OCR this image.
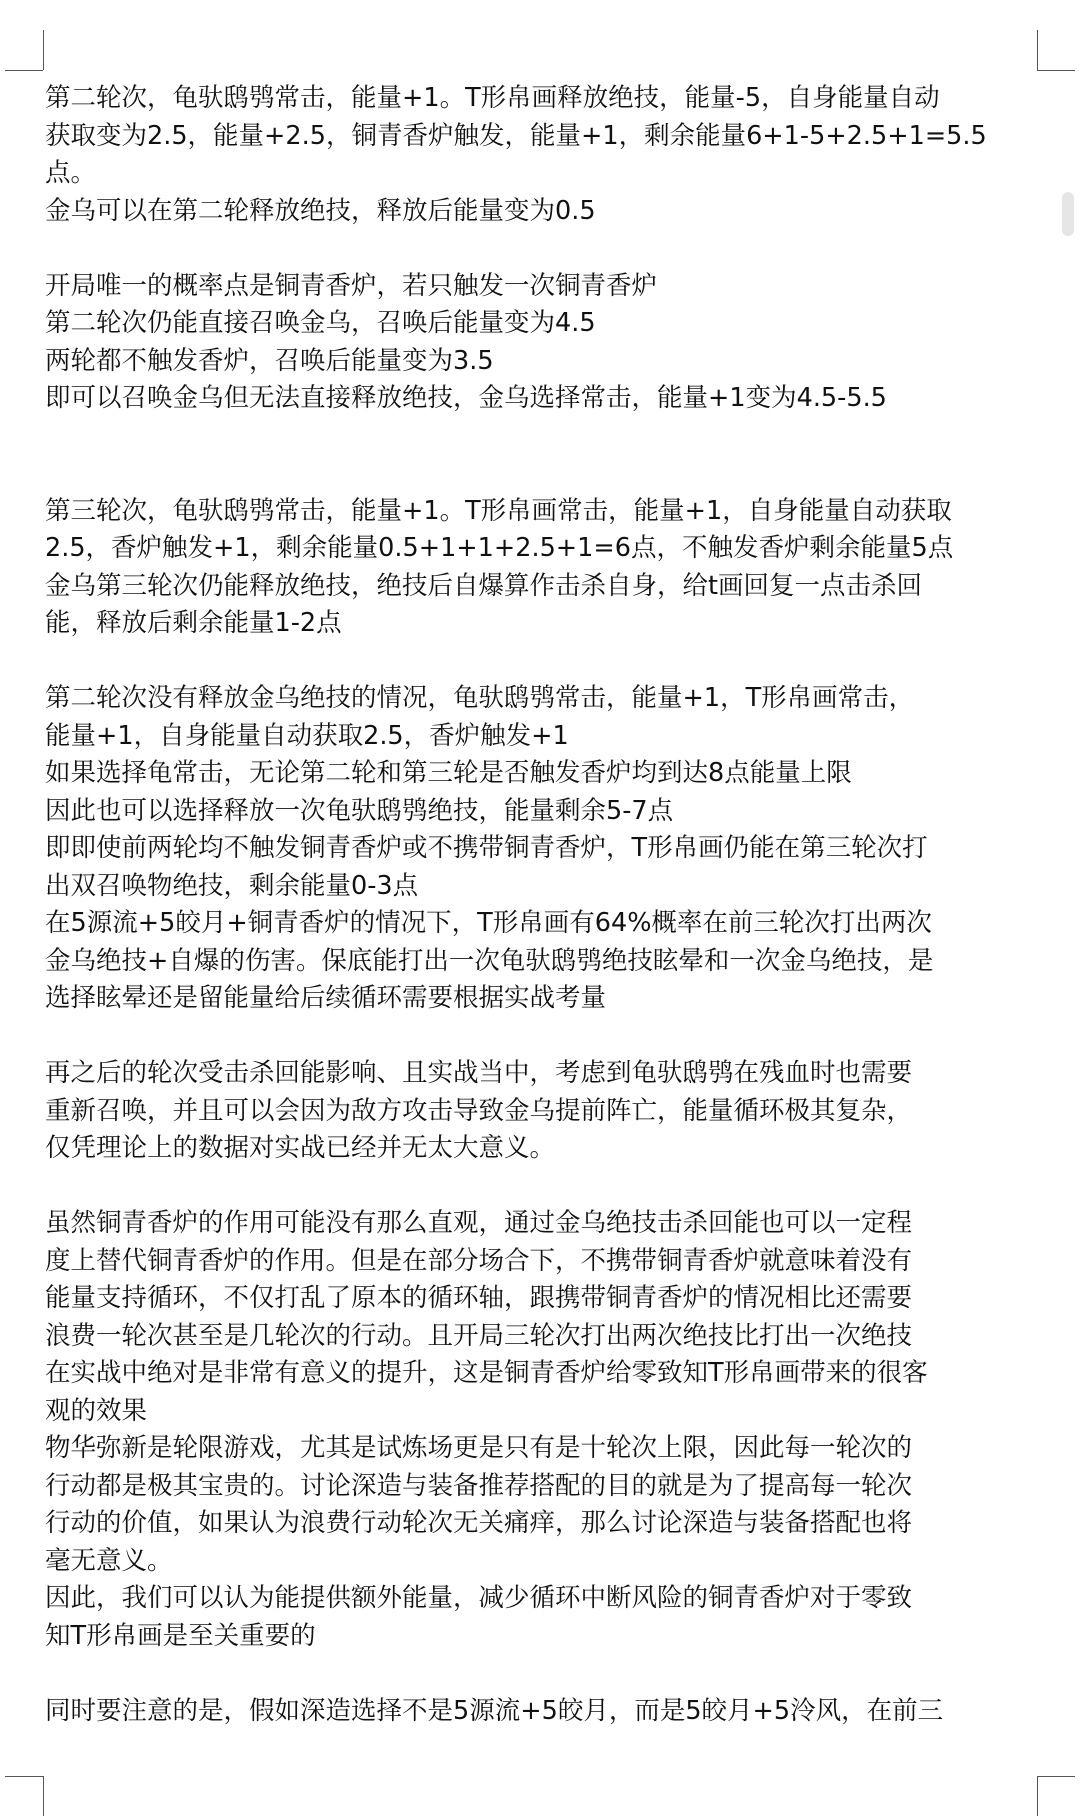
第二轮次，龟驮鸱鸮常击，能量+1。T形帛画释放绝技，能量-5，自身能量自动

获取变为2.5，能量+2.5，铜青香炉触发，能量+1，剩余能量6+1-5+2.5+1=5.5

点。

金乌可以在第二轮释放绝技，释放后能量变为0.5

开局唯一的概率点是铜青香炉，若只触发一次铜青香炉

第二轮次仍能直接召唤金乌，召唤后能量变为4.5

两轮都不触发香炉，召唤后能量变为3.5

即可以召唤金乌但无法直接释放绝技，金乌选择常击，能量+1变为4.5-5.5

第三轮次，龟驮鸱鸮常击，能量+1。T形帛画常击，能量+1，自身能量自动获取

2.5，香炉触发+1，剩余能量0.5+1+1+2.5+1=6点，不触发香炉剩余能量5点

金乌第三轮次仍能释放绝技，绝技后自爆算作击杀自身，给t画回复一点击杀回

能，释放后剩余能量1-2点

第二轮次没有释放金乌绝技的情况，龟驮鸱鸮常击，能量+1，T形帛画常击，

能量+1，自身能量自动获取2.5，香炉触发+1

如果选择龟常击，无论第二轮和第三轮是否触发香炉均到达8点能量上限

因此也可以选择释放一次龟驮鸱鸮绝技，能量剩余5-7点

即即使前两轮均不触发铜青香炉或不携带铜青香炉，T形帛画仍能在第三轮次打

出双召唤物绝技，剩余能量0-3点

在5源流+5皎月+铜青香炉的情况下，T形帛画有64%概率在前三轮次打出两次

金乌绝技+自爆的伤害。保底能打出一次龟驮鸱鸮绝技眩晕和一次金乌绝技，是

选择眩晕还是留能量给后续循环需要根据实战考量

再之后的轮次受击杀回能影响、且实战当中，考虑到龟驮鸱鸮在残血时也需要

重新召唤，并且可以会因为敌方攻击导致金乌提前阵亡，能量循环极其复杂，

仅凭理论上的数据对实战已经并无太大意义。

虽然铜青香炉的作用可能没有那么直观，通过金乌绝技击杀回能也可以一定程

度上替代铜青香炉的作用。但是在部分场合下，不携带铜青香炉就意味着没有

能量支持循环，不仅打乱了原本的循环轴，跟携带铜青香炉的情况相比还需要

浪费一轮次甚至是几轮次的行动。且开局三轮次打出两次绝技比打出一次绝技

在实战中绝对是非常有意义的提升，这是铜青香炉给零致知T形帛画带来的很客

观的效果

物华弥新是轮限游戏，尤其是试炼场更是只有是十轮次上限，因此每一轮次的

行动都是极其宝贵的。讨论深造与装备推荐搭配的目的就是为了提高每一轮次

行动的价值，如果认为浪费行动轮次无关痛痒，那么讨论深造与装备搭配也将

毫无意义。

因此，我们可以认为能提供额外能量，减少循环中断风险的铜青香炉对于零致

知T形帛画是至关重要的

同时要注意的是，假如深造选择不是5源流+5皎月，而是5皎月+5泠风，在前三
